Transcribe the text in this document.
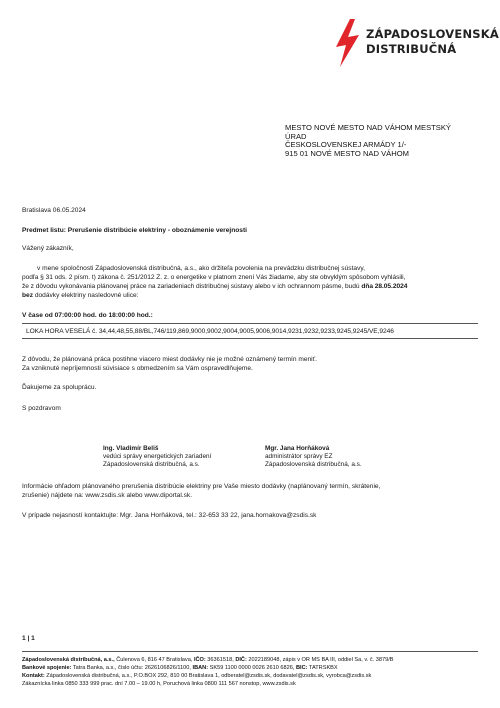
ZÁPADOSLOVENSKÁ
DISTRIBUČNÁ
MESTO NOVÉ MESTO NAD VÁHOM MESTSKÝ
ÚRAD
ČESKOSLOVENSKEJ ARMÁDY 1/-
915 01 NOVÉ MESTO NAD VÁHOM
Bratislava 06.05.2024
Predmet listu: Prerušenie distribúcie elektriny - oboznámenie verejnosti
Vážený zákazník,
v mene spoločnosti Západoslovenská distribučná, a.s., ako držiteľa povolenia na prevádzku distribučnej sústavy,
podľa § 31 ods. 2 písm. t) zákona č. 251/2012 Z. z. o energetike v platnom znení Vás žiadame, aby ste obvyklým spôsobom vyhlásili,
že z dôvodu vykonávania plánovanej práce na zariadeniach distribučnej sústavy alebo v ich ochrannom pásme, budú dňa 28.05.2024
bez dodávky elektriny nasledovné ulice:
V čase od 07:00:00 hod. do 18:00:00 hod.:
LOKA HORA VESELÁ č. 34,44,48,55,88/BL,746/119,869,9000,9002,9004,9005,9006,9014,9231,9232,9233,9245,9245/VE,9246
Z dôvodu, že plánovaná práca postihne viacero miest dodávky nie je možné oznámený termín meniť.
Za vzniknuté nepríjemnosti súvisiace s obmedzením sa Vám ospravedlňujeme.
Ďakujeme za spoluprácu.
S pozdravom
Ing. Vladimír Beliš
vedúci správy energetických zariadení
Západoslovenská distribučná, a.s.
Mgr. Jana Horňáková
administrátor správy EZ
Západoslovenská distribučná, a.s.
Informácie ohľadom plánovaného prerušenia distribúcie elektriny pre Vaše miesto dodávky (naplánovaný termín, skrátenie,
zrušenie) nájdete na: www.zsdis.sk alebo www.diportal.sk.
V prípade nejasností kontaktujte: Mgr. Jana Horňáková, tel.: 32-653 33 22, jana.hornakova@zsdis.sk
1 | 1
Západoslovenská distribučná, a.s., Čulenova 6, 816 47 Bratislava, IČO: 36361518, DIČ: 2022189048, zápis v OR MS BA III, oddiel Sa, v. č. 3879/B
Bankové spojenie: Tatra Banka, a.s., číslo účtu: 2626106826/1100, IBAN: SK59 1100 0000 0026 2610 6826, BIC: TATRSKBX
Kontakt: Západoslovenská distribučná, a.s., P.O.BOX 292, 810 00 Bratislava 1, odberatel@zsdis.sk, dodavatel@zsdis.sk, vyrobca@zsdis.sk
Zákaznícka linka 0850 333 999 prac. dní 7.00 – 19.00 h, Poruchová linka 0800 111 567 nonstop, www.zsdis.sk
